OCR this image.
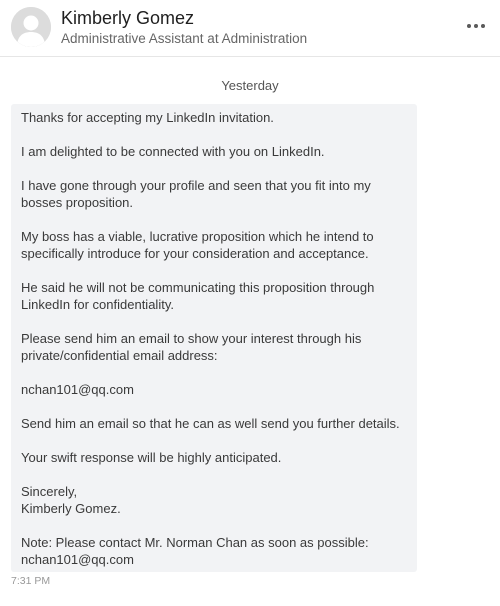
Kimberly Gomez
Administrative Assistant at Administration
Yesterday

Thanks for accepting my LinkedIn invitation.

I am delighted to be connected with you on LinkedIn.

I have gone through your profile and seen that you fit into my
bosses proposition.

My boss has a viable, lucrative proposition which he intend to
specifically introduce for your consideration and acceptance.

He said he will not be communicating this proposition through
LinkedIn for confidentiality.

Please send him an email to show your interest through his
private/confidential email address:

nchan101@qq.com

Send him an email so that he can as well send you further details.

Your swift response will be highly anticipated.

Sincerely,
Kimberly Gomez.

Note: Please contact Mr. Norman Chan as soon as possible:
nchan101@qq.com

7:31 PM
